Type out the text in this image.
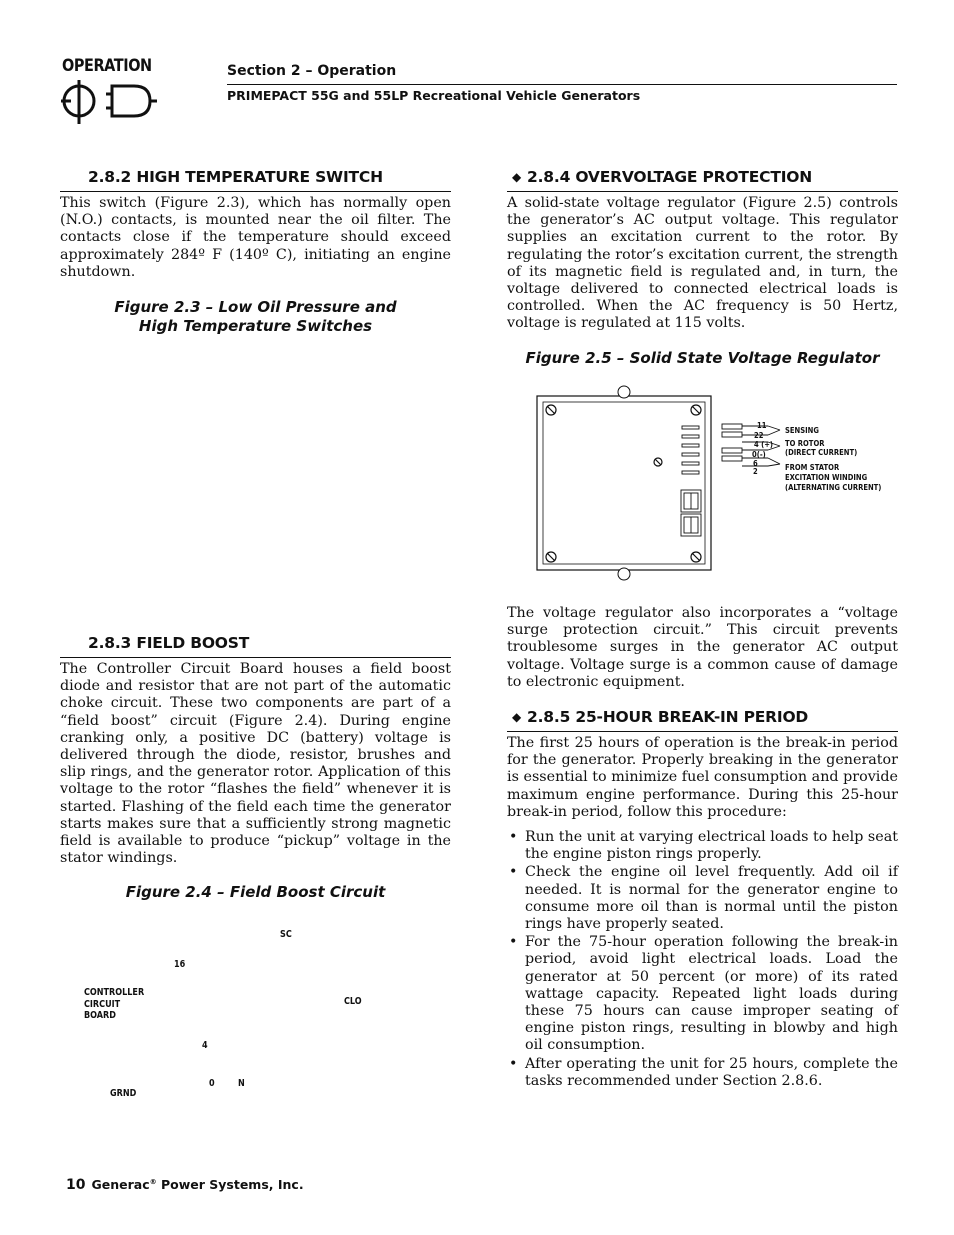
OPERATION	Section 2 – Operation
PRIMEPACT 55G and 55LP Recreational Vehicle Generators
2.8.2 HIGH TEMPERATURE SWITCH
This switch (Figure 2.3), which has normally open (N.O.) contacts, is mounted near the oil filter. The contacts close if the temperature should exceed approximately 284º F (140º C), initiating an engine shutdown.
Figure 2.3 – Low Oil Pressure and
High Temperature Switches
2.8.3 FIELD BOOST
The Controller Circuit Board houses a field boost diode and resistor that are not part of the automatic choke circuit. These two components are part of a “field boost” circuit (Figure 2.4). During engine cranking only, a positive DC (battery) voltage is delivered through the diode, resistor, brushes and slip rings, and the generator rotor. Application of this voltage to the rotor “flashes the field” whenever it is started. Flashing of the field each time the generator starts makes sure that a sufficiently strong magnetic field is available to produce “pickup” voltage in the stator windings.
Figure 2.4 – Field Boost Circuit
SC
16
CONTROLLER
CIRCUIT
BOARD
CLO
4
0 N
GRND
◆ 2.8.4 OVERVOLTAGE PROTECTION
A solid-state voltage regulator (Figure 2.5) controls the generator’s AC output voltage. This regulator supplies an excitation current to the rotor. By regulating the rotor’s excitation current, the strength of its magnetic field is regulated and, in turn, the voltage delivered to connected electrical loads is controlled. When the AC frequency is 50 Hertz, voltage is regulated at 115 volts.
Figure 2.5 – Solid State Voltage Regulator
11
22
4 (+)
0(-)
6
2
SENSING
TO ROTOR
(DIRECT CURRENT)
FROM STATOR
EXCITATION WINDING
(ALTERNATING CURRENT)
The voltage regulator also incorporates a “voltage surge protection circuit.” This circuit prevents troublesome surges in the generator AC output voltage. Voltage surge is a common cause of damage to electronic equipment.
◆ 2.8.5 25-HOUR BREAK-IN PERIOD
The first 25 hours of operation is the break-in period for the generator. Properly breaking in the generator is essential to minimize fuel consumption and provide maximum engine performance. During this 25-hour break-in period, follow this procedure:
• Run the unit at varying electrical loads to help seat the engine piston rings properly.
• Check the engine oil level frequently. Add oil if needed. It is normal for the generator engine to consume more oil than is normal until the piston rings have properly seated.
• For the 75-hour operation following the break-in period, avoid light electrical loads. Load the generator at 50 percent (or more) of its rated wattage capacity. Repeated light loads during these 75 hours can cause improper seating of engine piston rings, resulting in blowby and high oil consumption.
• After operating the unit for 25 hours, complete the tasks recommended under Section 2.8.6.
10 Generac® Power Systems, Inc.
